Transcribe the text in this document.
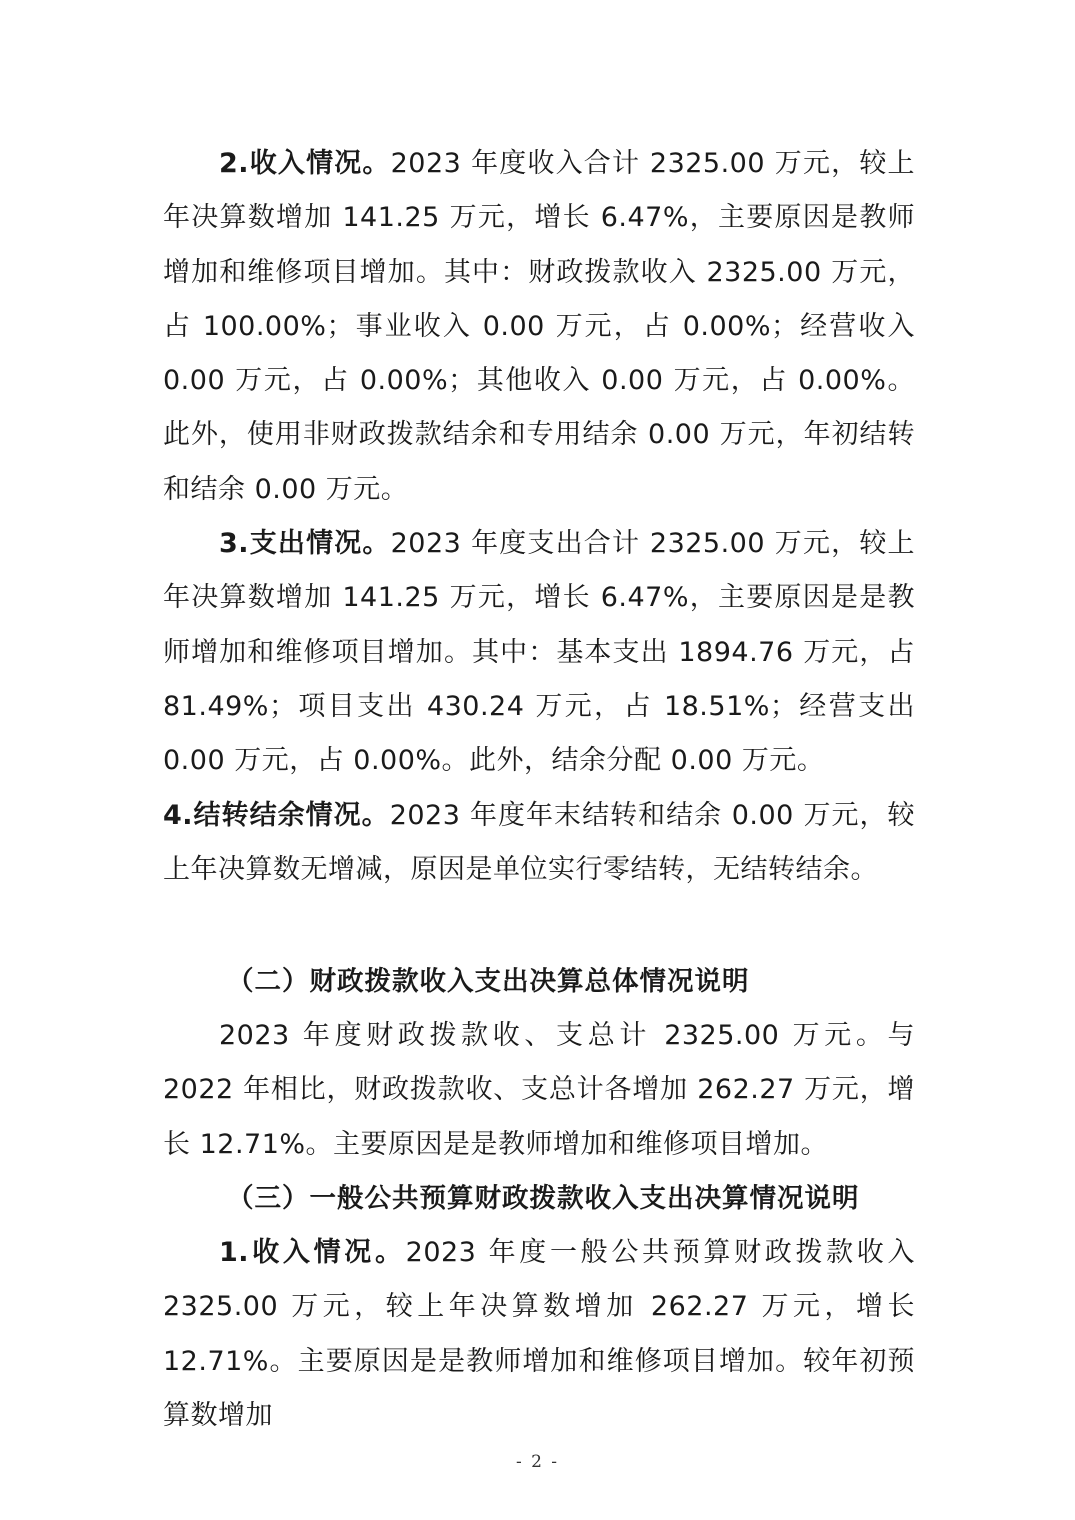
2.收入情况。2023 年度收入合计 2325.00 万元，较上年决算数增加 141.25 万元，增长 6.47%，主要原因是教师增加和维修项目增加。其中：财政拨款收入 2325.00 万元，占 100.00%；事业收入 0.00 万元，占 0.00%；经营收入 0.00 万元，占 0.00%；其他收入 0.00 万元，占 0.00%。此外，使用非财政拨款结余和专用结余 0.00 万元，年初结转和结余 0.00 万元。

3.支出情况。2023 年度支出合计 2325.00 万元，较上年决算数增加 141.25 万元，增长 6.47%，主要原因是是教师增加和维修项目增加。其中：基本支出 1894.76 万元，占 81.49%；项目支出 430.24 万元，占 18.51%；经营支出 0.00 万元，占 0.00%。此外，结余分配 0.00 万元。

4.结转结余情况。2023 年度年末结转和结余 0.00 万元，较上年决算数无增减，原因是单位实行零结转，无结转结余。

（二）财政拨款收入支出决算总体情况说明

2023 年度财政拨款收、支总计 2325.00 万元。与 2022 年相比，财政拨款收、支总计各增加 262.27 万元，增长 12.71%。主要原因是是教师增加和维修项目增加。

（三）一般公共预算财政拨款收入支出决算情况说明

1.收入情况。2023 年度一般公共预算财政拨款收入 2325.00 万元，较上年决算数增加 262.27 万元，增长 12.71%。主要原因是是教师增加和维修项目增加。较年初预算数增加

- 2 -
